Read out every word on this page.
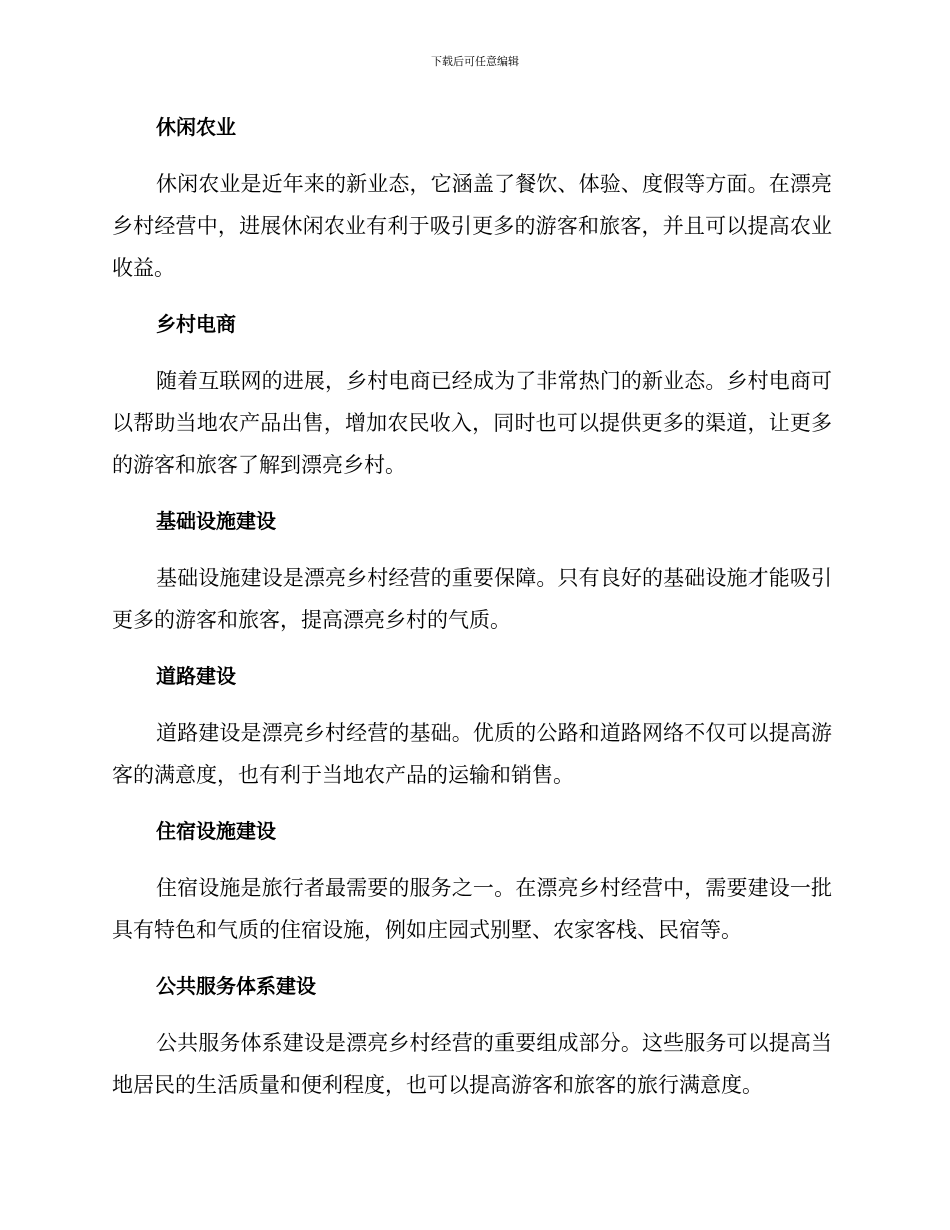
下载后可任意编辑
休闲农业

休闲农业是近年来的新业态，它涵盖了餐饮、体验、度假等方面。在漂亮乡村经营中，进展休闲农业有利于吸引更多的游客和旅客，并且可以提高农业收益。

乡村电商

随着互联网的进展，乡村电商已经成为了非常热门的新业态。乡村电商可以帮助当地农产品出售，增加农民收入，同时也可以提供更多的渠道，让更多的游客和旅客了解到漂亮乡村。

基础设施建设

基础设施建设是漂亮乡村经营的重要保障。只有良好的基础设施才能吸引更多的游客和旅客，提高漂亮乡村的气质。

道路建设

道路建设是漂亮乡村经营的基础。优质的公路和道路网络不仅可以提高游客的满意度，也有利于当地农产品的运输和销售。

住宿设施建设

住宿设施是旅行者最需要的服务之一。在漂亮乡村经营中，需要建设一批具有特色和气质的住宿设施，例如庄园式别墅、农家客栈、民宿等。

公共服务体系建设

公共服务体系建设是漂亮乡村经营的重要组成部分。这些服务可以提高当地居民的生活质量和便利程度，也可以提高游客和旅客的旅行满意度。
